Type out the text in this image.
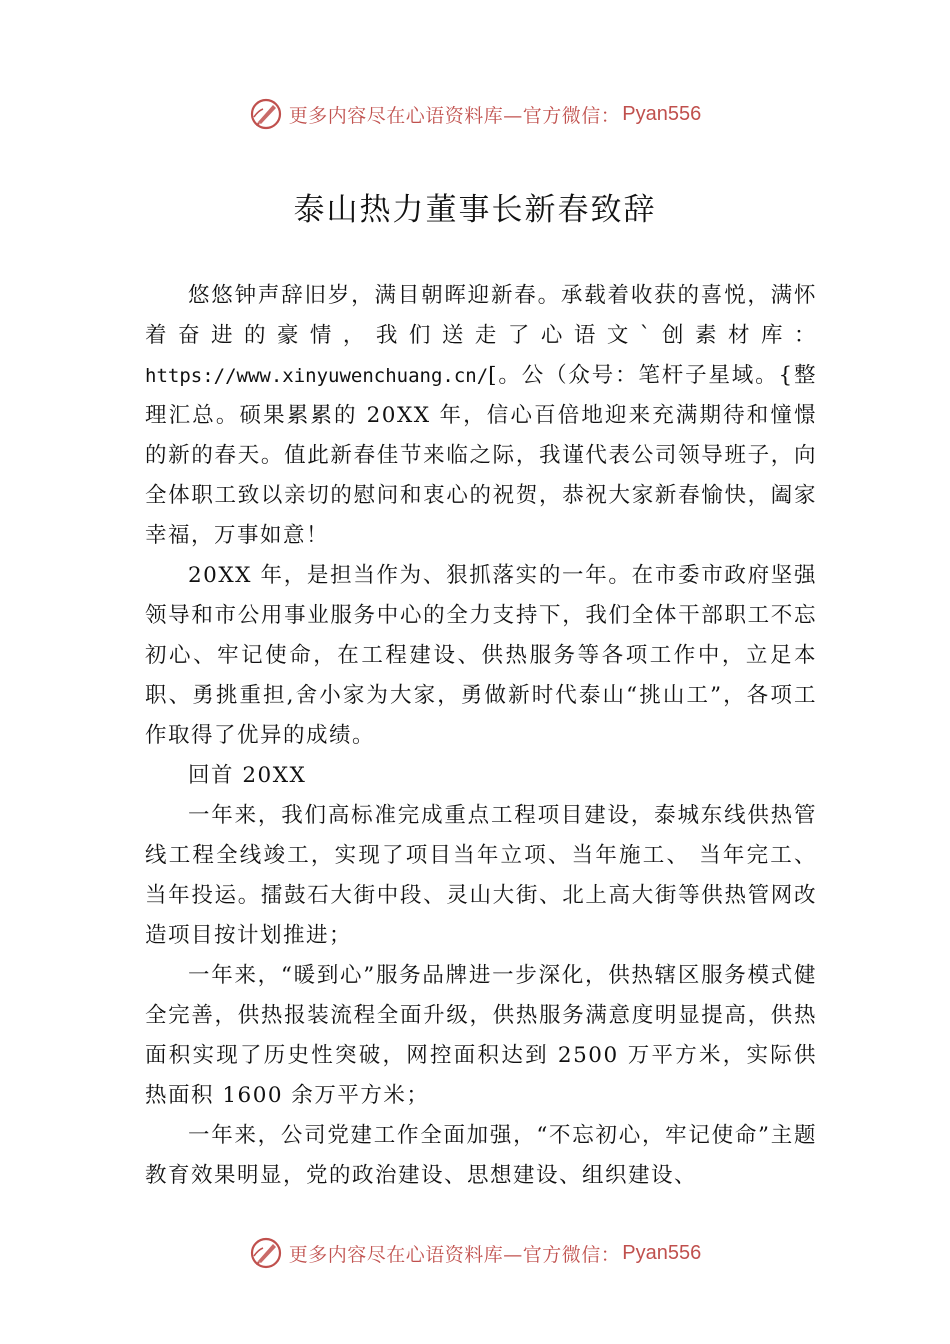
更多内容尽在心语资料库—官方微信： Pyan556
泰山热力董事长新春致辞

悠悠钟声辞旧岁，满目朝晖迎新春。承载着收获的喜悦，满怀着奋进的豪情，我们送走了心语文`创素材库：https://www.xinyuwenchuang.cn/[。公（众号：笔杆子星域。{整理汇总。硕果累累的 20XX 年，信心百倍地迎来充满期待和憧憬的新的春天。值此新春佳节来临之际，我谨代表公司领导班子，向全体职工致以亲切的慰问和衷心的祝贺，恭祝大家新春愉快，阖家幸福，万事如意！

20XX 年，是担当作为、狠抓落实的一年。在市委市政府坚强领导和市公用事业服务中心的全力支持下，我们全体干部职工不忘初心、牢记使命，在工程建设、供热服务等各项工作中，立足本职、勇挑重担,舍小家为大家，勇做新时代泰山“挑山工”，各项工作取得了优异的成绩。

回首 20XX

一年来，我们高标准完成重点工程项目建设，泰城东线供热管线工程全线竣工，实现了项目当年立项、当年施工、 当年完工、当年投运。擂鼓石大街中段、灵山大街、北上高大街等供热管网改造项目按计划推进；

一年来，“暖到心”服务品牌进一步深化，供热辖区服务模式健全完善，供热报装流程全面升级，供热服务满意度明显提高，供热面积实现了历史性突破，网控面积达到 2500 万平方米，实际供热面积 1600 余万平方米；

一年来，公司党建工作全面加强，“不忘初心，牢记使命”主题教育效果明显，党的政治建设、思想建设、组织建设、

更多内容尽在心语资料库—官方微信： Pyan556
